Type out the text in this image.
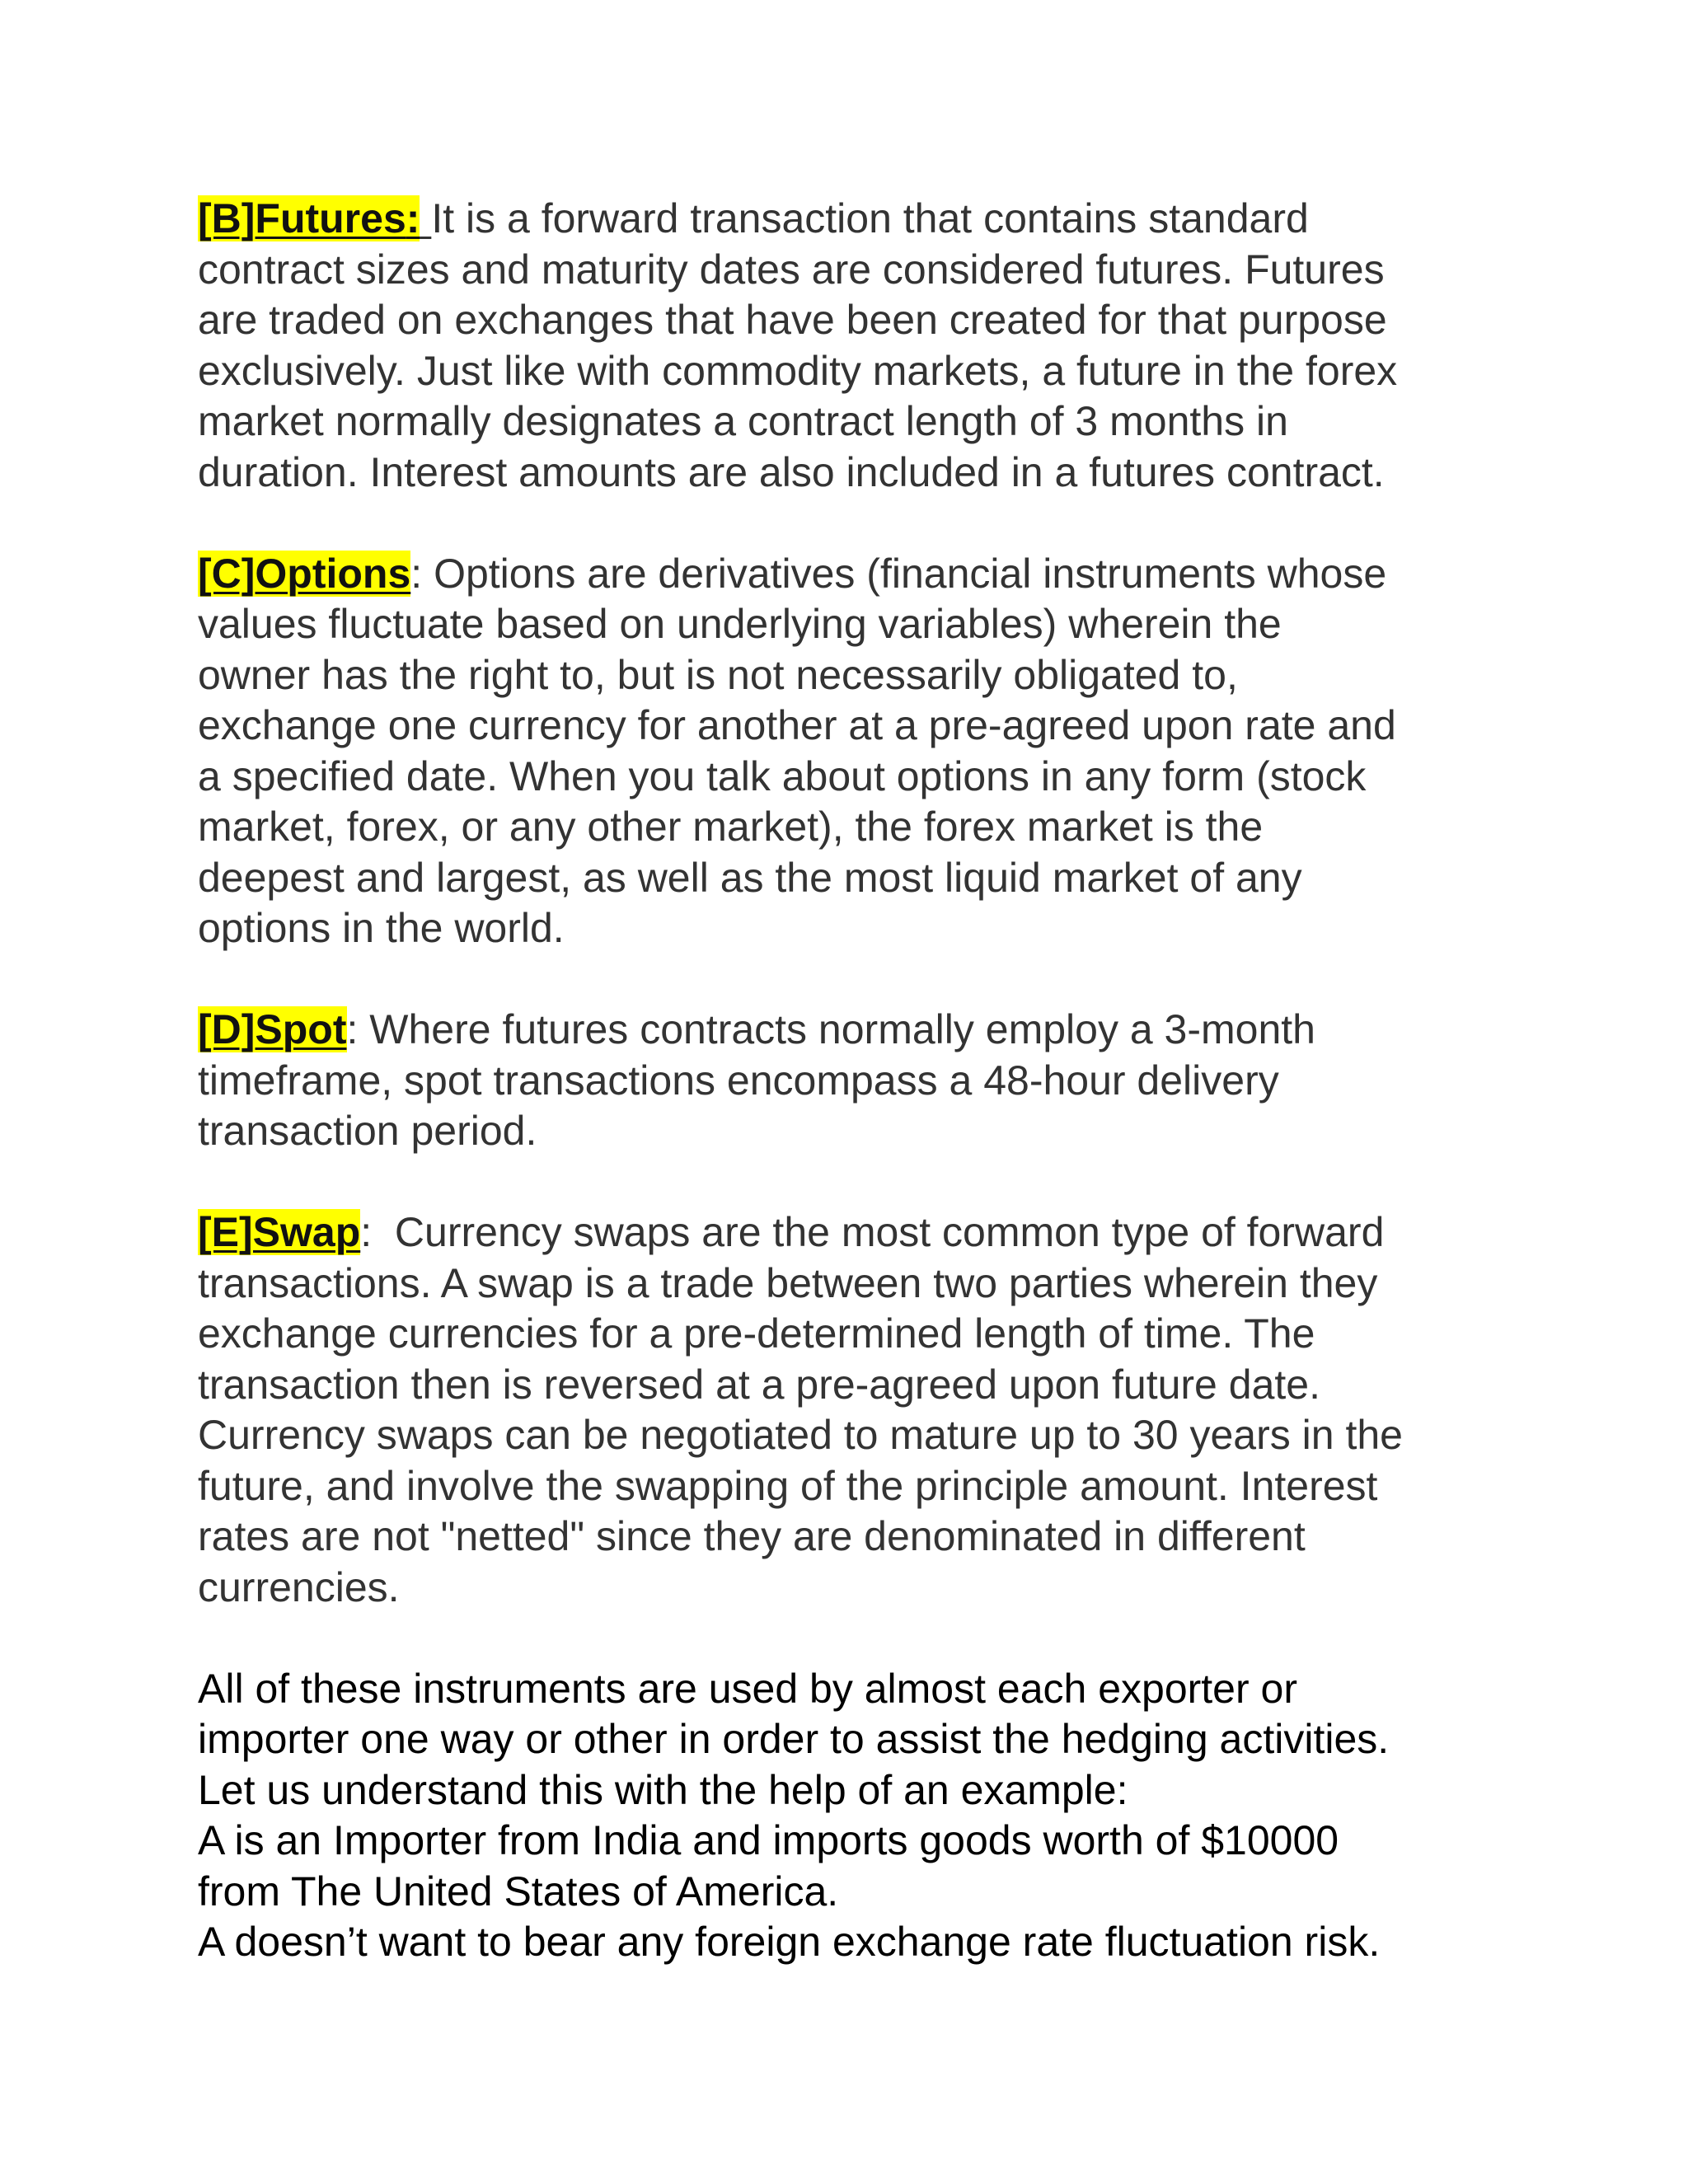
[B]Futures: It is a forward transaction that contains standard
contract sizes and maturity dates are considered futures. Futures
are traded on exchanges that have been created for that purpose
exclusively. Just like with commodity markets, a future in the forex
market normally designates a contract length of 3 months in
duration. Interest amounts are also included in a futures contract.

[C]Options: Options are derivatives (financial instruments whose
values fluctuate based on underlying variables) wherein the
owner has the right to, but is not necessarily obligated to,
exchange one currency for another at a pre-agreed upon rate and
a specified date. When you talk about options in any form (stock
market, forex, or any other market), the forex market is the
deepest and largest, as well as the most liquid market of any
options in the world.

[D]Spot: Where futures contracts normally employ a 3-month
timeframe, spot transactions encompass a 48-hour delivery
transaction period.

[E]Swap:  Currency swaps are the most common type of forward
transactions. A swap is a trade between two parties wherein they
exchange currencies for a pre-determined length of time. The
transaction then is reversed at a pre-agreed upon future date.
Currency swaps can be negotiated to mature up to 30 years in the
future, and involve the swapping of the principle amount. Interest
rates are not "netted" since they are denominated in different
currencies.

All of these instruments are used by almost each exporter or
importer one way or other in order to assist the hedging activities.
Let us understand this with the help of an example:
A is an Importer from India and imports goods worth of $10000
from The United States of America.
A doesn’t want to bear any foreign exchange rate fluctuation risk.
